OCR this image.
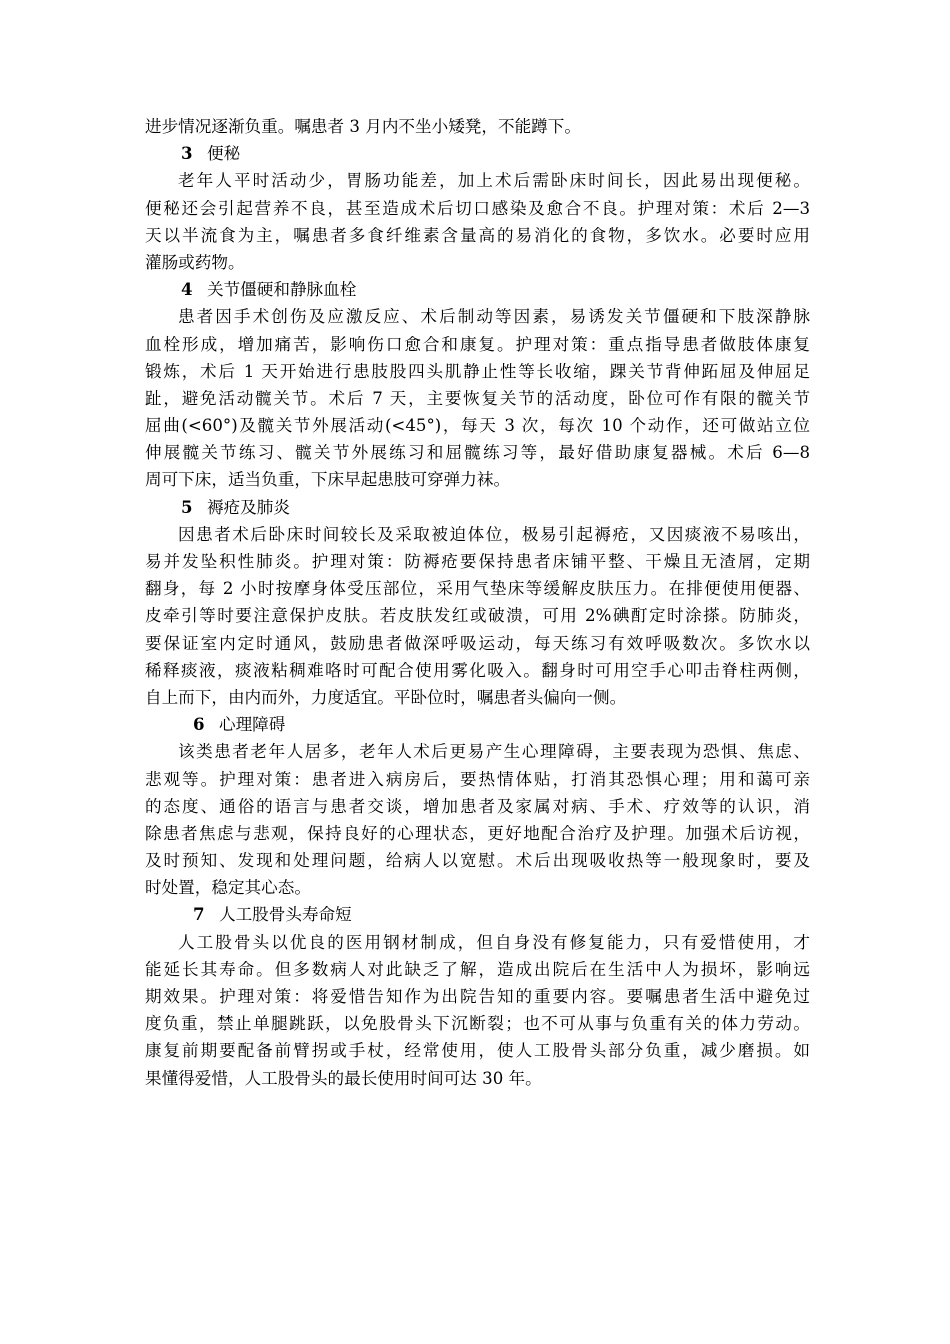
进步情况逐渐负重。嘱患者 3 月内不坐小矮凳，不能蹲下。
3 便秘
老年人平时活动少，胃肠功能差，加上术后需卧床时间长，因此易出现便秘。
便秘还会引起营养不良，甚至造成术后切口感染及愈合不良。护理对策：术后 2—3
天以半流食为主，嘱患者多食纤维素含量高的易消化的食物，多饮水。必要时应用
灌肠或药物。
4 关节僵硬和静脉血栓
患者因手术创伤及应激反应、术后制动等因素，易诱发关节僵硬和下肢深静脉
血栓形成，增加痛苦，影响伤口愈合和康复。护理对策：重点指导患者做肢体康复
锻炼，术后 1 天开始进行患肢股四头肌静止性等长收缩，踝关节背伸跖屈及伸屈足
趾，避免活动髋关节。术后 7 天，主要恢复关节的活动度，卧位可作有限的髋关节
屈曲(<60°)及髋关节外展活动(<45°)，每天 3 次，每次 10 个动作，还可做站立位
伸展髋关节练习、髋关节外展练习和屈髋练习等，最好借助康复器械。术后 6—8
周可下床，适当负重，下床早起患肢可穿弹力袜。
5 褥疮及肺炎
因患者术后卧床时间较长及采取被迫体位，极易引起褥疮，又因痰液不易咳出，
易并发坠积性肺炎。护理对策：防褥疮要保持患者床铺平整、干燥且无渣屑，定期
翻身，每 2 小时按摩身体受压部位，采用气垫床等缓解皮肤压力。在排便使用便器、
皮牵引等时要注意保护皮肤。若皮肤发红或破溃，可用 2%碘酊定时涂搽。防肺炎，
要保证室内定时通风，鼓励患者做深呼吸运动，每天练习有效呼吸数次。多饮水以
稀释痰液，痰液粘稠难咯时可配合使用雾化吸入。翻身时可用空手心叩击脊柱两侧，
自上而下，由内而外，力度适宜。平卧位时，嘱患者头偏向一侧。
6 心理障碍
该类患者老年人居多，老年人术后更易产生心理障碍，主要表现为恐惧、焦虑、
悲观等。护理对策：患者进入病房后，要热情体贴，打消其恐惧心理；用和蔼可亲
的态度、通俗的语言与患者交谈，增加患者及家属对病、手术、疗效等的认识，消
除患者焦虑与悲观，保持良好的心理状态，更好地配合治疗及护理。加强术后访视，
及时预知、发现和处理问题，给病人以宽慰。术后出现吸收热等一般现象时，要及
时处置，稳定其心态。
7 人工股骨头寿命短
人工股骨头以优良的医用钢材制成，但自身没有修复能力，只有爱惜使用，才
能延长其寿命。但多数病人对此缺乏了解，造成出院后在生活中人为损坏，影响远
期效果。护理对策：将爱惜告知作为出院告知的重要内容。要嘱患者生活中避免过
度负重，禁止单腿跳跃，以免股骨头下沉断裂；也不可从事与负重有关的体力劳动。
康复前期要配备前臂拐或手杖，经常使用，使人工股骨头部分负重，减少磨损。如
果懂得爱惜，人工股骨头的最长使用时间可达 30 年。
